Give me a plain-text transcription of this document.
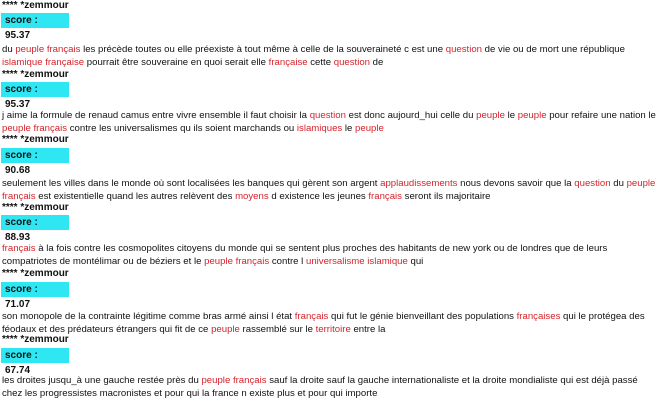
**** *zemmour
score : 95.37
du peuple français les précède toutes ou elle préexiste à tout même à celle de la souveraineté c est une question de vie ou de mort une république islamique française pourrait être souveraine en quoi serait elle française cette question de
**** *zemmour
score : 95.37
j aime la formule de renaud camus entre vivre ensemble il faut choisir la question est donc aujourd_hui celle du peuple le peuple pour refaire une nation le peuple français contre les universalismes qu ils soient marchands ou islamiques le peuple
**** *zemmour
score : 90.68
seulement les villes dans le monde où sont localisées les banques qui gèrent son argent applaudissements nous devons savoir que la question du peuple français est existentielle quand les autres relèvent des moyens d existence les jeunes français seront ils majoritaire
**** *zemmour
score : 88.93
français à la fois contre les cosmopolites citoyens du monde qui se sentent plus proches des habitants de new york ou de londres que de leurs compatriotes de montélimar ou de béziers et le peuple français contre l universalisme islamique qui
**** *zemmour
score : 71.07
son monopole de la contrainte légitime comme bras armé ainsi l état français qui fut le génie bienveillant des populations françaises qui le protégea des féodaux et des prédateurs étrangers qui fit de ce peuple rassemblé sur le territoire entre la
**** *zemmour
score : 67.74
les droites jusqu_à une gauche restée près du peuple français sauf la droite sauf la gauche internationaliste et la droite mondialiste qui est déjà passé chez les progressistes macronistes et pour qui la france n existe plus et pour qui importe
